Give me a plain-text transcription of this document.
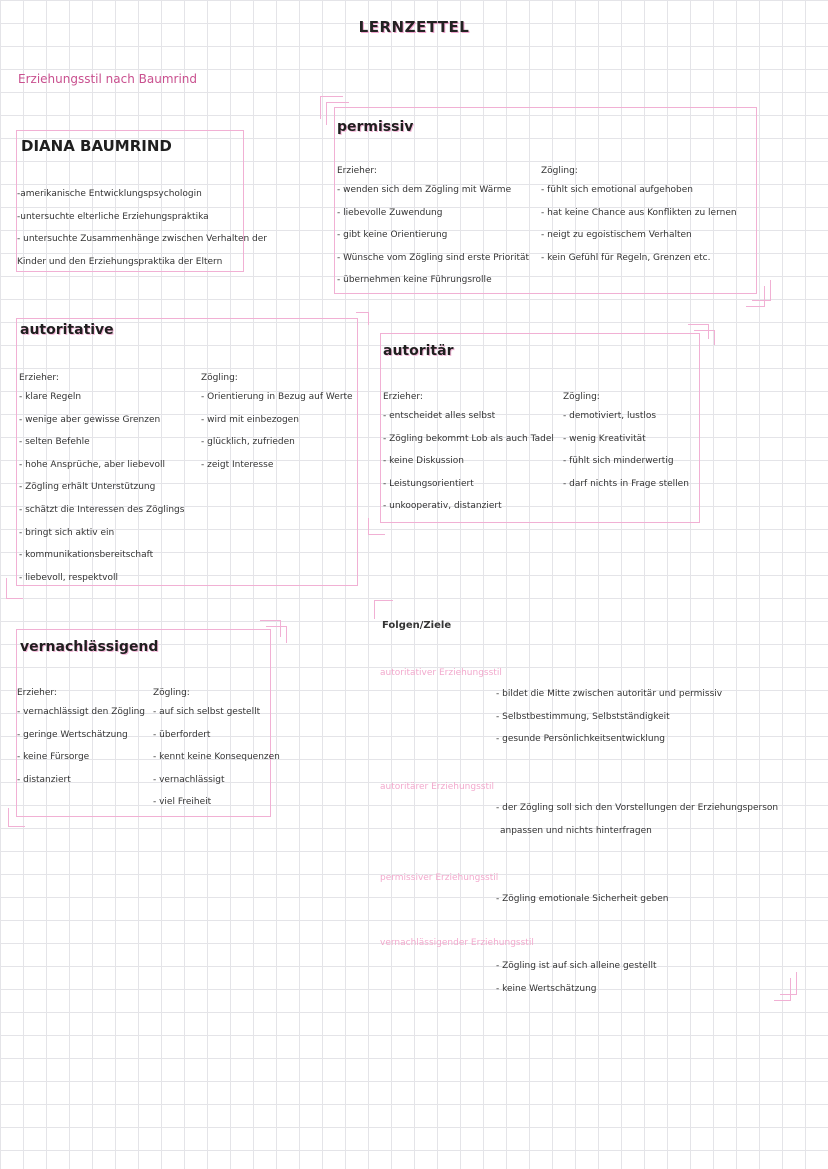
LERNZETTEL
Erziehungsstil nach Baumrind
DIANA BAUMRIND
-amerikanische Entwicklungspsychologin
-untersuchte elterliche Erziehungspraktika
- untersuchte Zusammenhänge zwischen Verhalten der
Kinder und den Erziehungspraktika der Eltern
permissiv
Erzieher:
- wenden sich dem Zögling mit Wärme
- liebevolle Zuwendung
- gibt keine Orientierung
- Wünsche vom Zögling sind erste Priorität
- übernehmen keine Führungsrolle
Zögling:
- fühlt sich emotional aufgehoben
- hat keine Chance aus Konflikten zu lernen
- neigt zu egoistischem Verhalten
- kein Gefühl für Regeln, Grenzen etc.
autoritative
Erzieher:
- klare Regeln
- wenige aber gewisse Grenzen
- selten Befehle
- hohe Ansprüche, aber liebevoll
- Zögling erhält Unterstützung
- schätzt die Interessen des Zöglings
- bringt sich aktiv ein
- kommunikationsbereitschaft
- liebevoll, respektvoll
Zögling:
- Orientierung in Bezug auf Werte
- wird mit einbezogen
- glücklich, zufrieden
- zeigt Interesse
autoritär
Erzieher:
- entscheidet alles selbst
- Zögling bekommt Lob als auch Tadel
- keine Diskussion
- Leistungsorientiert
- unkooperativ, distanziert
Zögling:
- demotiviert, lustlos
- wenig Kreativität
- fühlt sich minderwertig
- darf nichts in Frage stellen
vernachlässigend
Erzieher:
- vernachlässigt den Zögling
- geringe Wertschätzung
- keine Fürsorge
- distanziert
Zögling:
- auf sich selbst gestellt
- überfordert
- kennt keine Konsequenzen
- vernachlässigt
- viel Freiheit
Folgen/Ziele
autoritativer Erziehungsstil
- bildet die Mitte zwischen autoritär und permissiv
- Selbstbestimmung, Selbstständigkeit
- gesunde Persönlichkeitsentwicklung
autoritärer Erziehungsstil
- der Zögling soll sich den Vorstellungen der Erziehungsperson
anpassen und nichts hinterfragen
permissiver Erziehungsstil
- Zögling emotionale Sicherheit geben
vernachlässigender Erziehungsstil
- Zögling ist auf sich alleine gestellt
- keine Wertschätzung
